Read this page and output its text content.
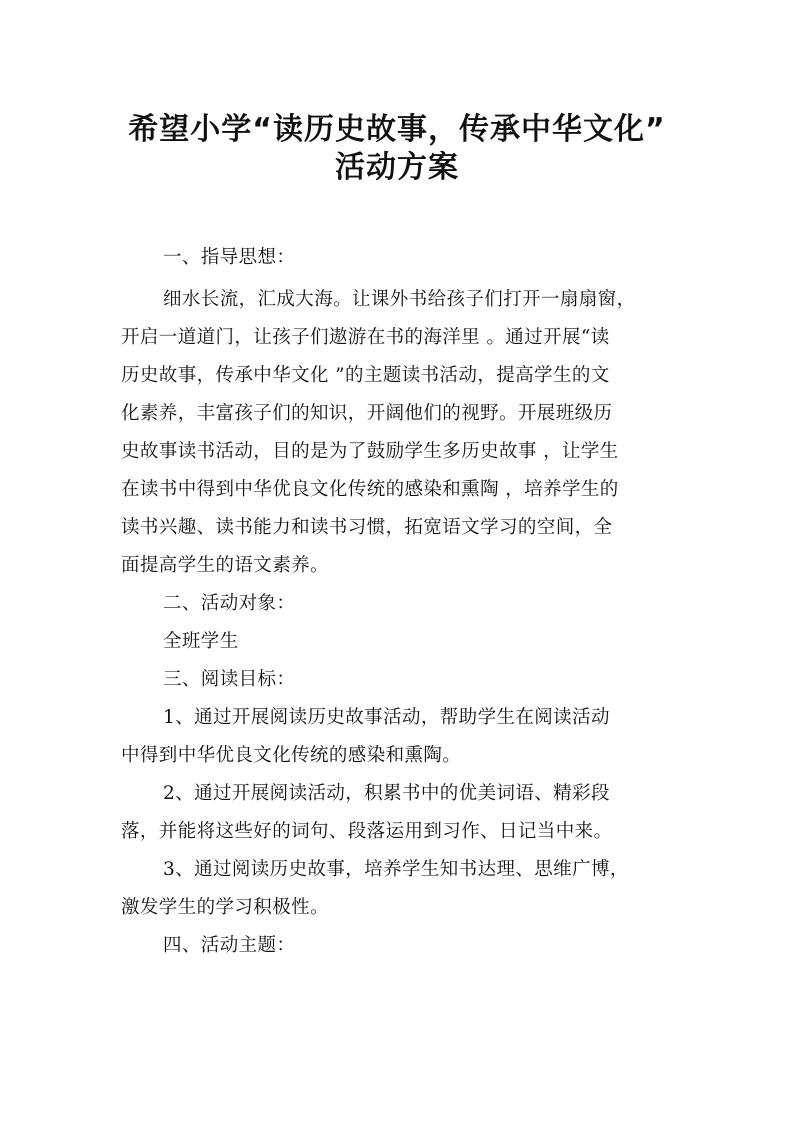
希望小学“读历史故事，传承中华文化”
活动方案
一、指导思想：
细水长流，汇成大海。让课外书给孩子们打开一扇扇窗，
开启一道道门，让孩子们遨游在书的海洋里 。通过开展“读
历史故事，传承中华文化 ”的主题读书活动，提高学生的文
化素养，丰富孩子们的知识，开阔他们的视野。开展班级历
史故事读书活动，目的是为了鼓励学生多历史故事 ，让学生
在读书中得到中华优良文化传统的感染和熏陶 ，培养学生的
读书兴趣、读书能力和读书习惯，拓宽语文学习的空间，全
面提高学生的语文素养。
二、活动对象：
全班学生
三、阅读目标：
1、通过开展阅读历史故事活动，帮助学生在阅读活动
中得到中华优良文化传统的感染和熏陶。
2、通过开展阅读活动，积累书中的优美词语、精彩段
落，并能将这些好的词句、段落运用到习作、日记当中来。
3、通过阅读历史故事，培养学生知书达理、思维广博，
激发学生的学习积极性。
四、活动主题：
